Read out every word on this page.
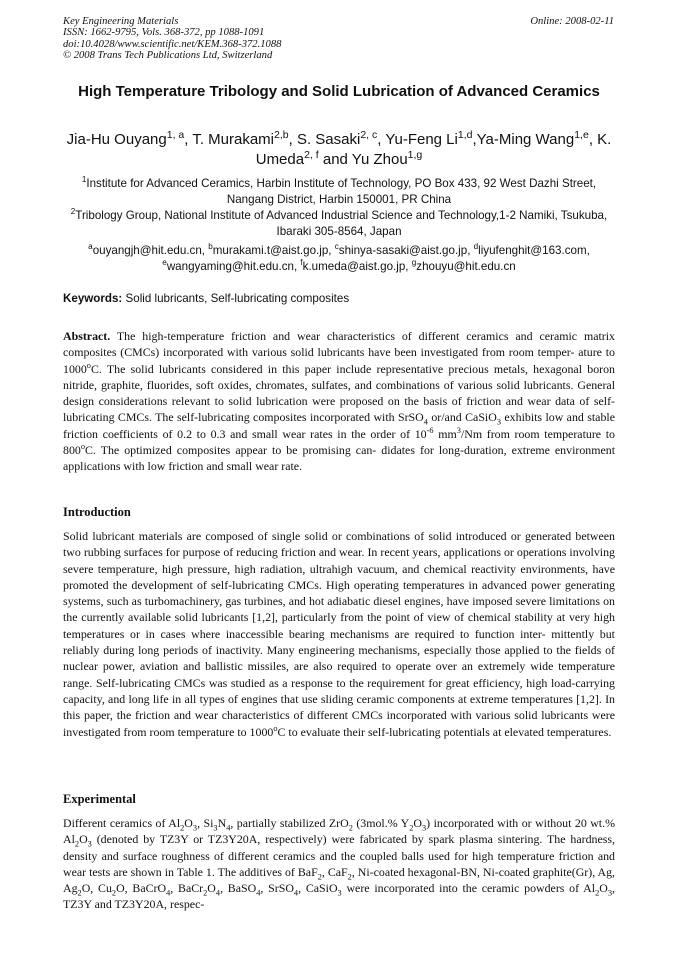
Key Engineering Materials
ISSN: 1662-9795, Vols. 368-372, pp 1088-1091
doi:10.4028/www.scientific.net/KEM.368-372.1088
© 2008 Trans Tech Publications Ltd, Switzerland
Online: 2008-02-11
High Temperature Tribology and Solid Lubrication of Advanced Ceramics
Jia-Hu Ouyang$^{1, a}$, T. Murakami$^{2,b}$, S. Sasaki$^{2, c}$, Yu-Feng Li$^{1,d}$,Ya-Ming Wang$^{1,e}$, K. Umeda$^{2, f}$ and Yu Zhou$^{1,g}$
$^1$Institute for Advanced Ceramics, Harbin Institute of Technology, PO Box 433, 92 West Dazhi Street, Nangang District, Harbin 150001, PR China
$^2$Tribology Group, National Institute of Advanced Industrial Science and Technology,1-2 Namiki, Tsukuba, Ibaraki 305-8564, Japan
$^a$ouyangjh@hit.edu.cn, $^b$murakami.t@aist.go.jp, $^c$shinya-sasaki@aist.go.jp, $^d$liyufenghit@163.com, $^e$wangyaming@hit.edu.cn, $^f$k.umeda@aist.go.jp, $^g$zhouyu@hit.edu.cn
Keywords: Solid lubricants, Self-lubricating composites
Abstract. The high-temperature friction and wear characteristics of different ceramics and ceramic matrix composites (CMCs) incorporated with various solid lubricants have been investigated from room temper- ature to 1000$^o$C. The solid lubricants considered in this paper include representative precious metals, hexagonal boron nitride, graphite, fluorides, soft oxides, chromates, sulfates, and combinations of various solid lubricants. General design considerations relevant to solid lubrication were proposed on the basis of friction and wear data of self-lubricating CMCs. The self-lubricating composites incorporated with SrSO$_4$ or/and CaSiO$_3$ exhibits low and stable friction coefficients of 0.2 to 0.3 and small wear rates in the order of $10^{-6}$ $mm^3/Nm$ from room temperature to 800$^o$C. The optimized composites appear to be promising can- didates for long-duration, extreme environment applications with low friction and small wear rate.
Introduction
Solid lubricant materials are composed of single solid or combinations of solid introduced or generated between two rubbing surfaces for purpose of reducing friction and wear. In recent years, applications or operations involving severe temperature, high pressure, high radiation, ultrahigh vacuum, and chemical reactivity environments, have promoted the development of self-lubricating CMCs. High operating temperatures in advanced power generating systems, such as turbomachinery, gas turbines, and hot adiabatic diesel engines, have imposed severe limitations on the currently available solid lubricants [1,2], particularly from the point of view of chemical stability at very high temperatures or in cases where inaccessible bearing mechanisms are required to function inter- mittently but reliably during long periods of inactivity. Many engineering mechanisms, especially those applied to the fields of nuclear power, aviation and ballistic missiles, are also required to operate over an extremely wide temperature range. Self-lubricating CMCs was studied as a response to the requirement for great efficiency, high load-carrying capacity, and long life in all types of engines that use sliding ceramic components at extreme temperatures [1,2]. In this paper, the friction and wear characteristics of different CMCs incorporated with various solid lubricants were investigated from room temperature to 1000$^o$C to evaluate their self-lubricating potentials at elevated temperatures.
Experimental
Different ceramics of $Al_2O_3$, $Si_3N_4$, partially stabilized ZrO$_2$ (3mol.% $Y_2O_3$) incorporated with or without 20 wt.% $Al_2O_3$ (denoted by TZ3Y or TZ3Y20A, respectively) were fabricated by spark plasma sintering. The hardness, density and surface roughness of different ceramics and the coupled balls used for high temperature friction and wear tests are shown in Table 1. The additives of BaF$_2$, CaF$_2$, Ni-coated hexagonal-BN, Ni-coated graphite(Gr), Ag, $Ag_2O$, $Cu_2O$, BaCrO$_4$, $BaCr_2O_4$, BaSO$_4$, SrSO$_4$, CaSiO$_3$ were incorporated into the ceramic powders of $Al_2O_3$, TZ3Y and TZ3Y20A, respec-
